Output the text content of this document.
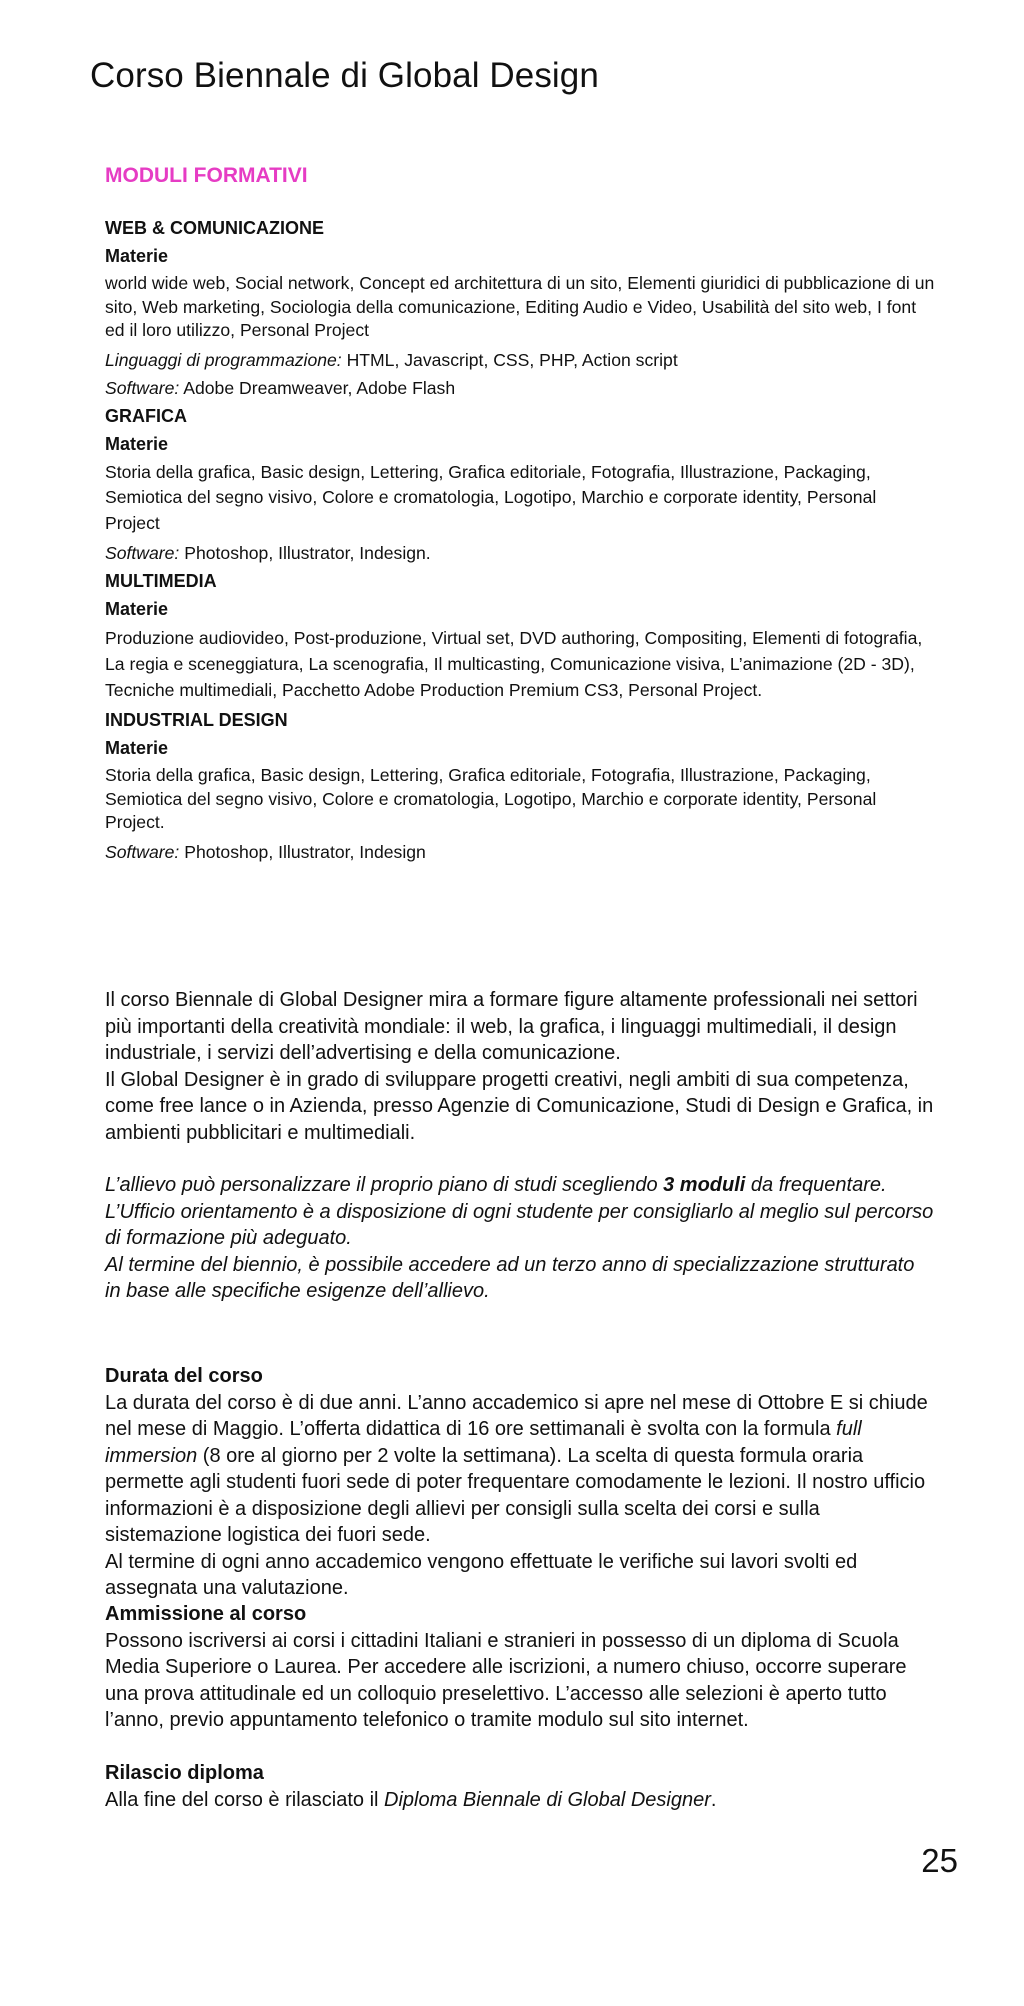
Corso Biennale di Global Design
MODULI FORMATIVI

WEB & COMUNICAZIONE

Materie

world wide web, Social network, Concept ed architettura di un sito, Elementi giuridici di pubblicazione di un sito, Web marketing, Sociologia della comunicazione, Editing Audio e Video, Usabilità del sito web, I font ed il loro utilizzo, Personal Project

Linguaggi di programmazione: HTML, Javascript, CSS, PHP, Action script

Software: Adobe Dreamweaver, Adobe Flash

GRAFICA

Materie

Storia della grafica, Basic design, Lettering, Grafica editoriale, Fotografia, Illustrazione, Packaging, Semiotica del segno visivo, Colore e cromatologia, Logotipo, Marchio e corporate identity, Personal Project

Software: Photoshop, Illustrator, Indesign.

MULTIMEDIA

Materie

Produzione audiovideo, Post-produzione, Virtual set, DVD authoring, Compositing, Elementi di fotografia, La regia e sceneggiatura, La scenografia, Il multicasting, Comunicazione visiva, L’animazione (2D - 3D), Tecniche multimediali, Pacchetto Adobe Production Premium CS3, Personal Project.

INDUSTRIAL DESIGN

Materie

Storia della grafica, Basic design, Lettering, Grafica editoriale, Fotografia, Illustrazione, Packaging, Semiotica del segno visivo, Colore e cromatologia, Logotipo, Marchio e corporate identity, Personal Project.

Software: Photoshop, Illustrator, Indesign

Il corso Biennale di Global Designer mira a formare figure altamente professionali nei settori più importanti della creatività mondiale: il web, la grafica, i linguaggi multimediali, il design industriale, i servizi dell’advertising e della comunicazione.

Il Global Designer è in grado di sviluppare progetti creativi, negli ambiti di sua competenza, come free lance o in Azienda, presso Agenzie di Comunicazione, Studi di Design e Grafica, in ambienti pubblicitari e multimediali.

L’allievo può personalizzare il proprio piano di studi scegliendo 3 moduli da frequentare. L’Ufficio orientamento è a disposizione di ogni studente per consigliarlo al meglio sul percorso di formazione più adeguato.

Al termine del biennio, è possibile accedere ad un terzo anno di specializzazione strutturato in base alle specifiche esigenze dell’allievo.

Durata del corso

La durata del corso è di due anni. L’anno accademico si apre nel mese di Ottobre E si chiude nel mese di Maggio. L’offerta didattica di 16 ore settimanali è svolta con la formula full immersion (8 ore al giorno per 2 volte la settimana). La scelta di questa formula oraria permette agli studenti fuori sede di poter frequentare comodamente le lezioni. Il nostro ufficio informazioni è a disposizione degli allievi per consigli sulla scelta dei corsi e sulla sistemazione logistica dei fuori sede.

Al termine di ogni anno accademico vengono effettuate le verifiche sui lavori svolti ed assegnata una valutazione.

Ammissione al corso

Possono iscriversi ai corsi i cittadini Italiani e stranieri in possesso di un diploma di Scuola Media Superiore o Laurea. Per accedere alle iscrizioni, a numero chiuso, occorre superare una prova attitudinale ed un colloquio preselettivo. L’accesso alle selezioni è aperto tutto l’anno, previo appuntamento telefonico o tramite modulo sul sito internet.

Rilascio diploma

Alla fine del corso è rilasciato il Diploma Biennale di Global Designer.

25
